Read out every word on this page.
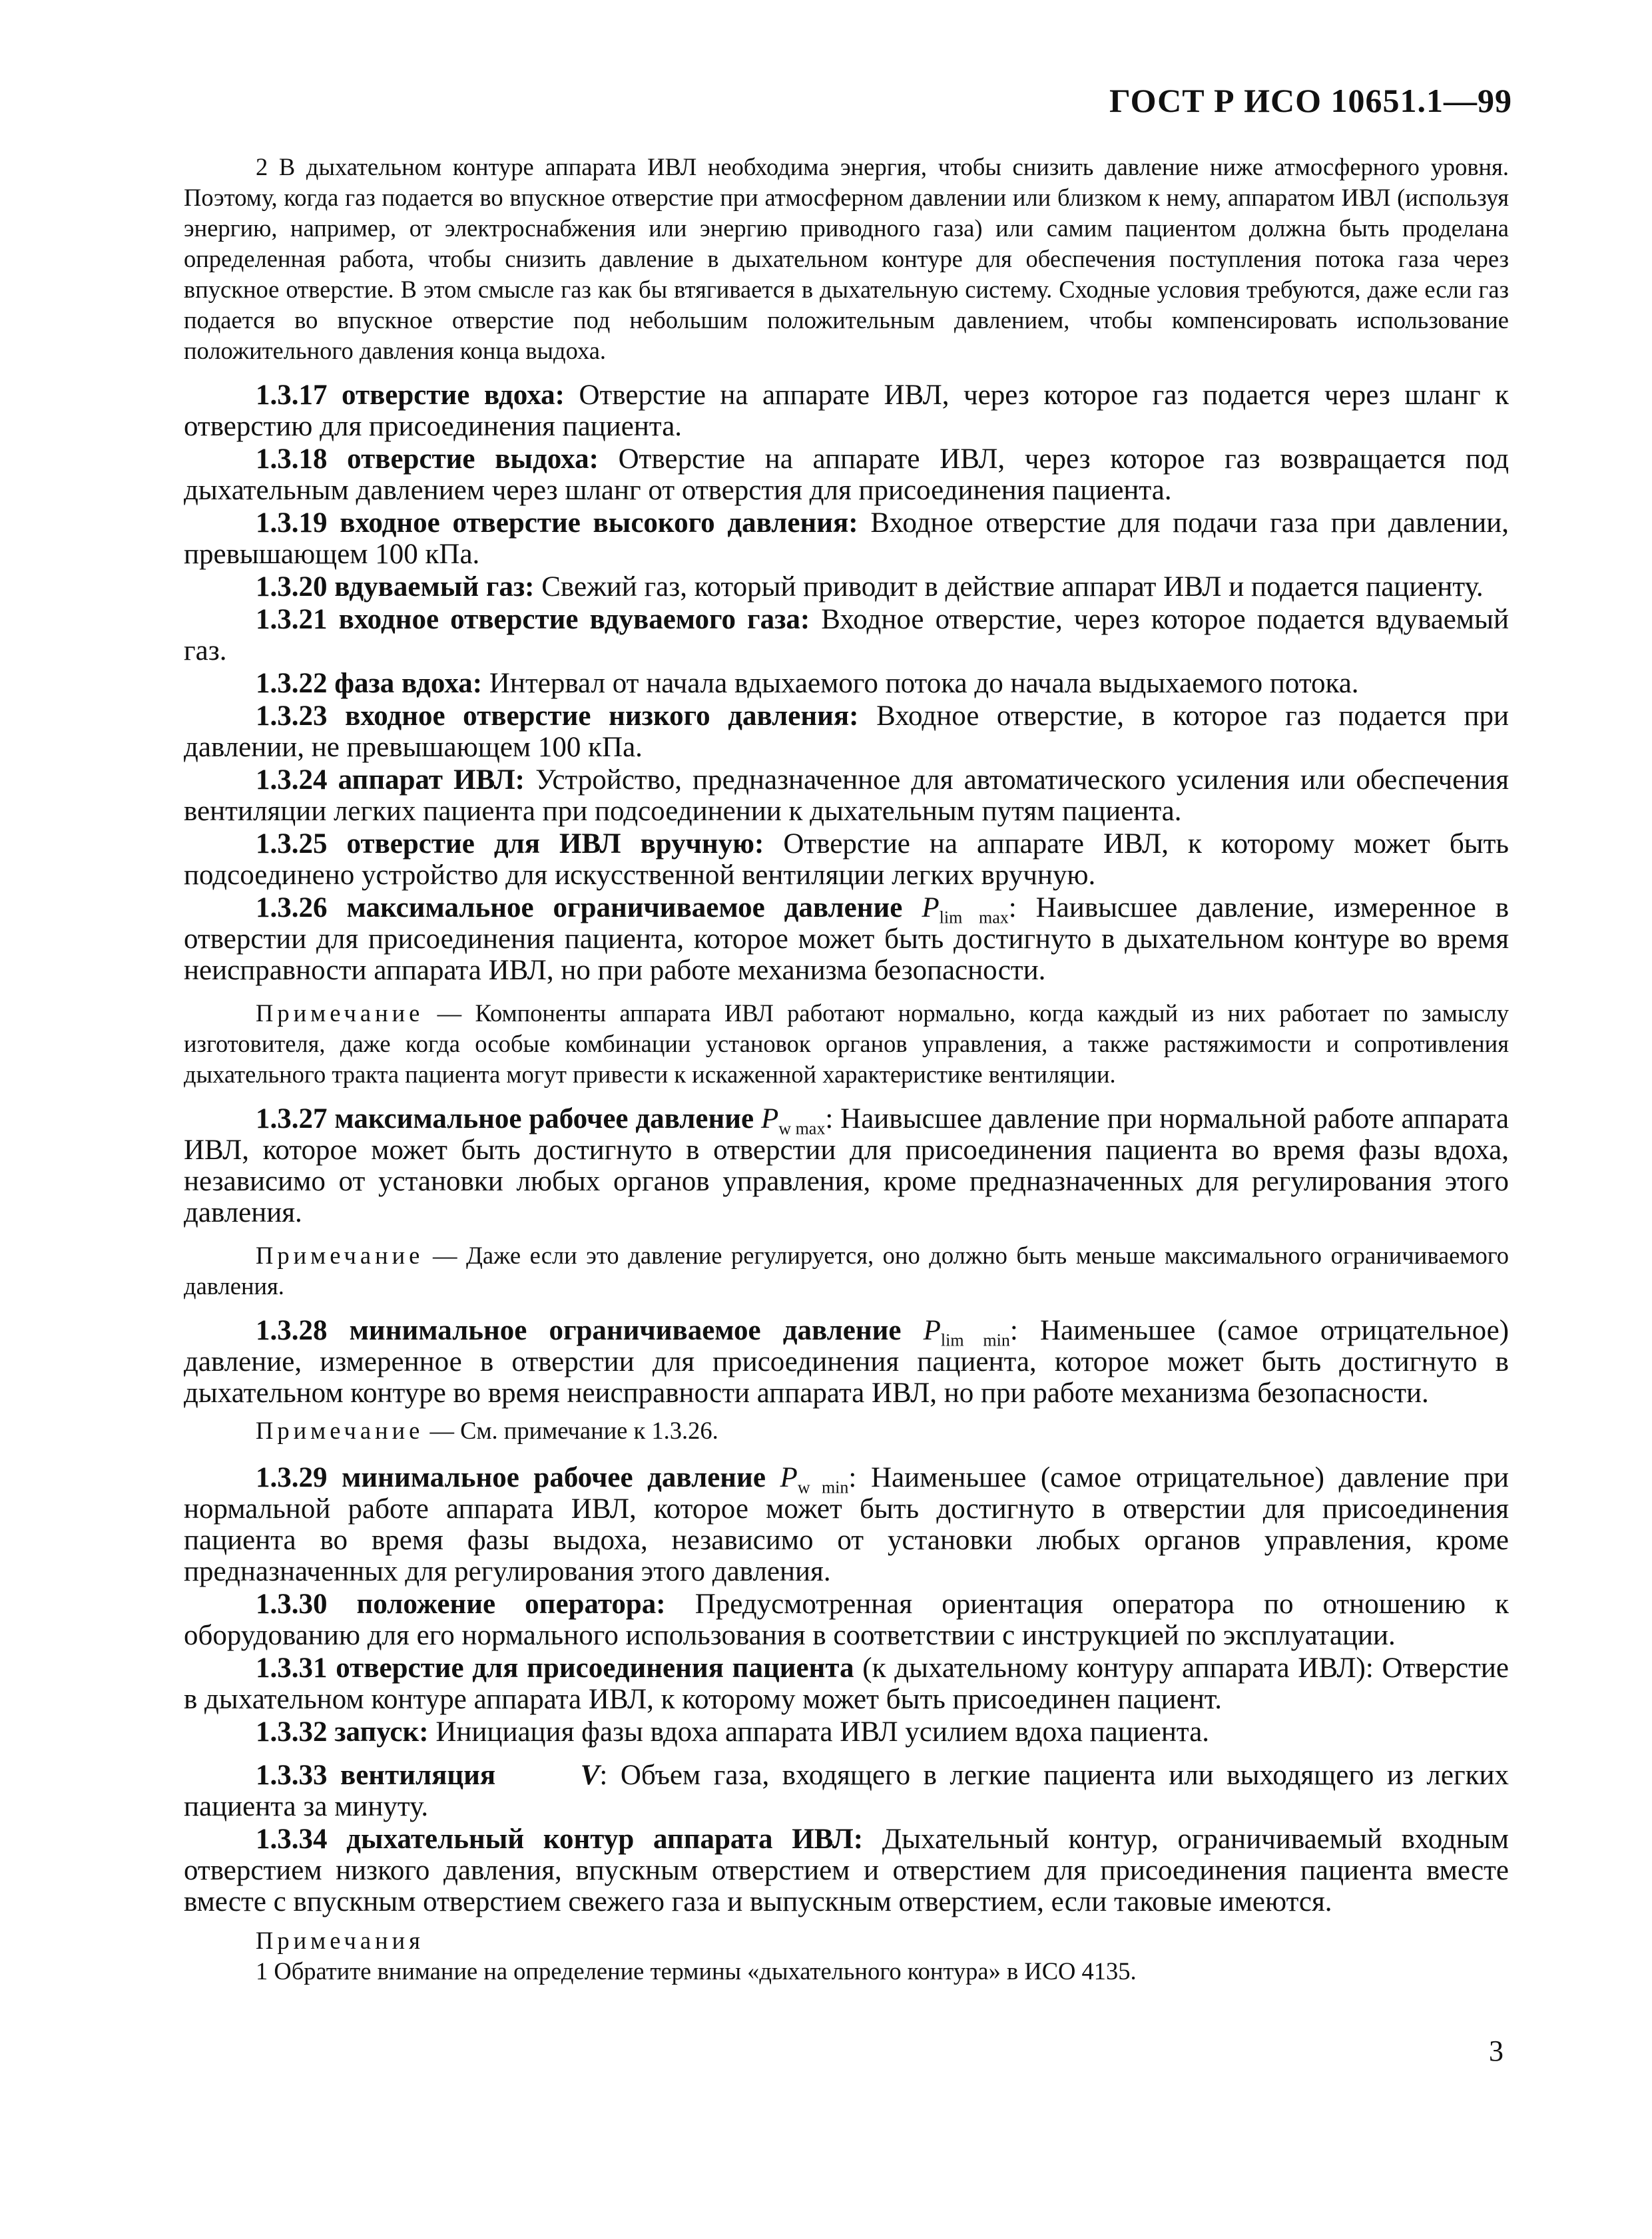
ГОСТ Р ИСО 10651.1—99

2 В дыхательном контуре аппарата ИВЛ необходима энергия, чтобы снизить давление ниже атмосферного уровня. Поэтому, когда газ подается во впускное отверстие при атмосферном давлении или близком к нему, аппаратом ИВЛ (используя энергию, например, от электроснабжения или энергию приводного газа) или самим пациентом должна быть проделана определенная работа, чтобы снизить давление в дыхательном контуре для обеспечения поступления потока газа через впускное отверстие. В этом смысле газ как бы втягивается в дыхательную систему. Сходные условия требуются, даже если газ подается во впускное отверстие под небольшим положительным давлением, чтобы компенсировать использование положительного давления конца выдоха.

1.3.17 отверстие вдоха: Отверстие на аппарате ИВЛ, через которое газ подается через шланг к отверстию для присоединения пациента.

1.3.18 отверстие выдоха: Отверстие на аппарате ИВЛ, через которое газ возвращается под дыхательным давлением через шланг от отверстия для присоединения пациента.

1.3.19 входное отверстие высокого давления: Входное отверстие для подачи газа при давлении, превышающем 100 кПа.

1.3.20 вдуваемый газ: Свежий газ, который приводит в действие аппарат ИВЛ и подается пациенту.

1.3.21 входное отверстие вдуваемого газа: Входное отверстие, через которое подается вдуваемый газ.

1.3.22 фаза вдоха: Интервал от начала вдыхаемого потока до начала выдыхаемого потока.

1.3.23 входное отверстие низкого давления: Входное отверстие, в которое газ подается при давлении, не превышающем 100 кПа.

1.3.24 аппарат ИВЛ: Устройство, предназначенное для автоматического усиления или обеспечения вентиляции легких пациента при подсоединении к дыхательным путям пациента.

1.3.25 отверстие для ИВЛ вручную: Отверстие на аппарате ИВЛ, к которому может быть подсоединено устройство для искусственной вентиляции легких вручную.

1.3.26 максимальное ограничиваемое давление $P_{lim max}$: Наивысшее давление, измеренное в отверстии для присоединения пациента, которое может быть достигнуто в дыхательном контуре во время неисправности аппарата ИВЛ, но при работе механизма безопасности.

Примечание — Компоненты аппарата ИВЛ работают нормально, когда каждый из них работает по замыслу изготовителя, даже когда особые комбинации установок органов управления, а также растяжимости и сопротивления дыхательного тракта пациента могут привести к искаженной характеристике вентиляции.

1.3.27 максимальное рабочее давление $P_{w max}$: Наивысшее давление при нормальной работе аппарата ИВЛ, которое может быть достигнуто в отверстии для присоединения пациента во время фазы вдоха, независимо от установки любых органов управления, кроме предназначенных для регулирования этого давления.

Примечание — Даже если это давление регулируется, оно должно быть меньше максимального ограничиваемого давления.

1.3.28 минимальное ограничиваемое давление $P_{lim min}$: Наименьшее (самое отрицательное) давление, измеренное в отверстии для присоединения пациента, которое может быть достигнуто в дыхательном контуре во время неисправности аппарата ИВЛ, но при работе механизма безопасности.

Примечание — См. примечание к 1.3.26.

1.3.29 минимальное рабочее давление $P_{w min}$: Наименьшее (самое отрицательное) давление при нормальной работе аппарата ИВЛ, которое может быть достигнуто в отверстии для присоединения пациента во время фазы выдоха, независимо от установки любых органов управления, кроме предназначенных для регулирования этого давления.

1.3.30 положение оператора: Предусмотренная ориентация оператора по отношению к оборудованию для его нормального использования в соответствии с инструкцией по эксплуатации.

1.3.31 отверстие для присоединения пациента (к дыхательному контуру аппарата ИВЛ): Отверстие в дыхательном контуре аппарата ИВЛ, к которому может быть присоединен пациент.

1.3.32 запуск: Инициация фазы вдоха аппарата ИВЛ усилием вдоха пациента.

1.3.33 вентиляция °	V: Объем газа, входящего в легкие пациента или выходящего из легких пациента за минуту.

1.3.34 дыхательный контур аппарата ИВЛ: Дыхательный контур, ограничиваемый входным отверстием низкого давления, впускным отверстием и отверстием для присоединения пациента вместе вместе с впускным отверстием свежего газа и выпускным отверстием, если таковые имеются.

Примечания

1 Обратите внимание на определение термины «дыхательного контура» в ИСО 4135.

3
